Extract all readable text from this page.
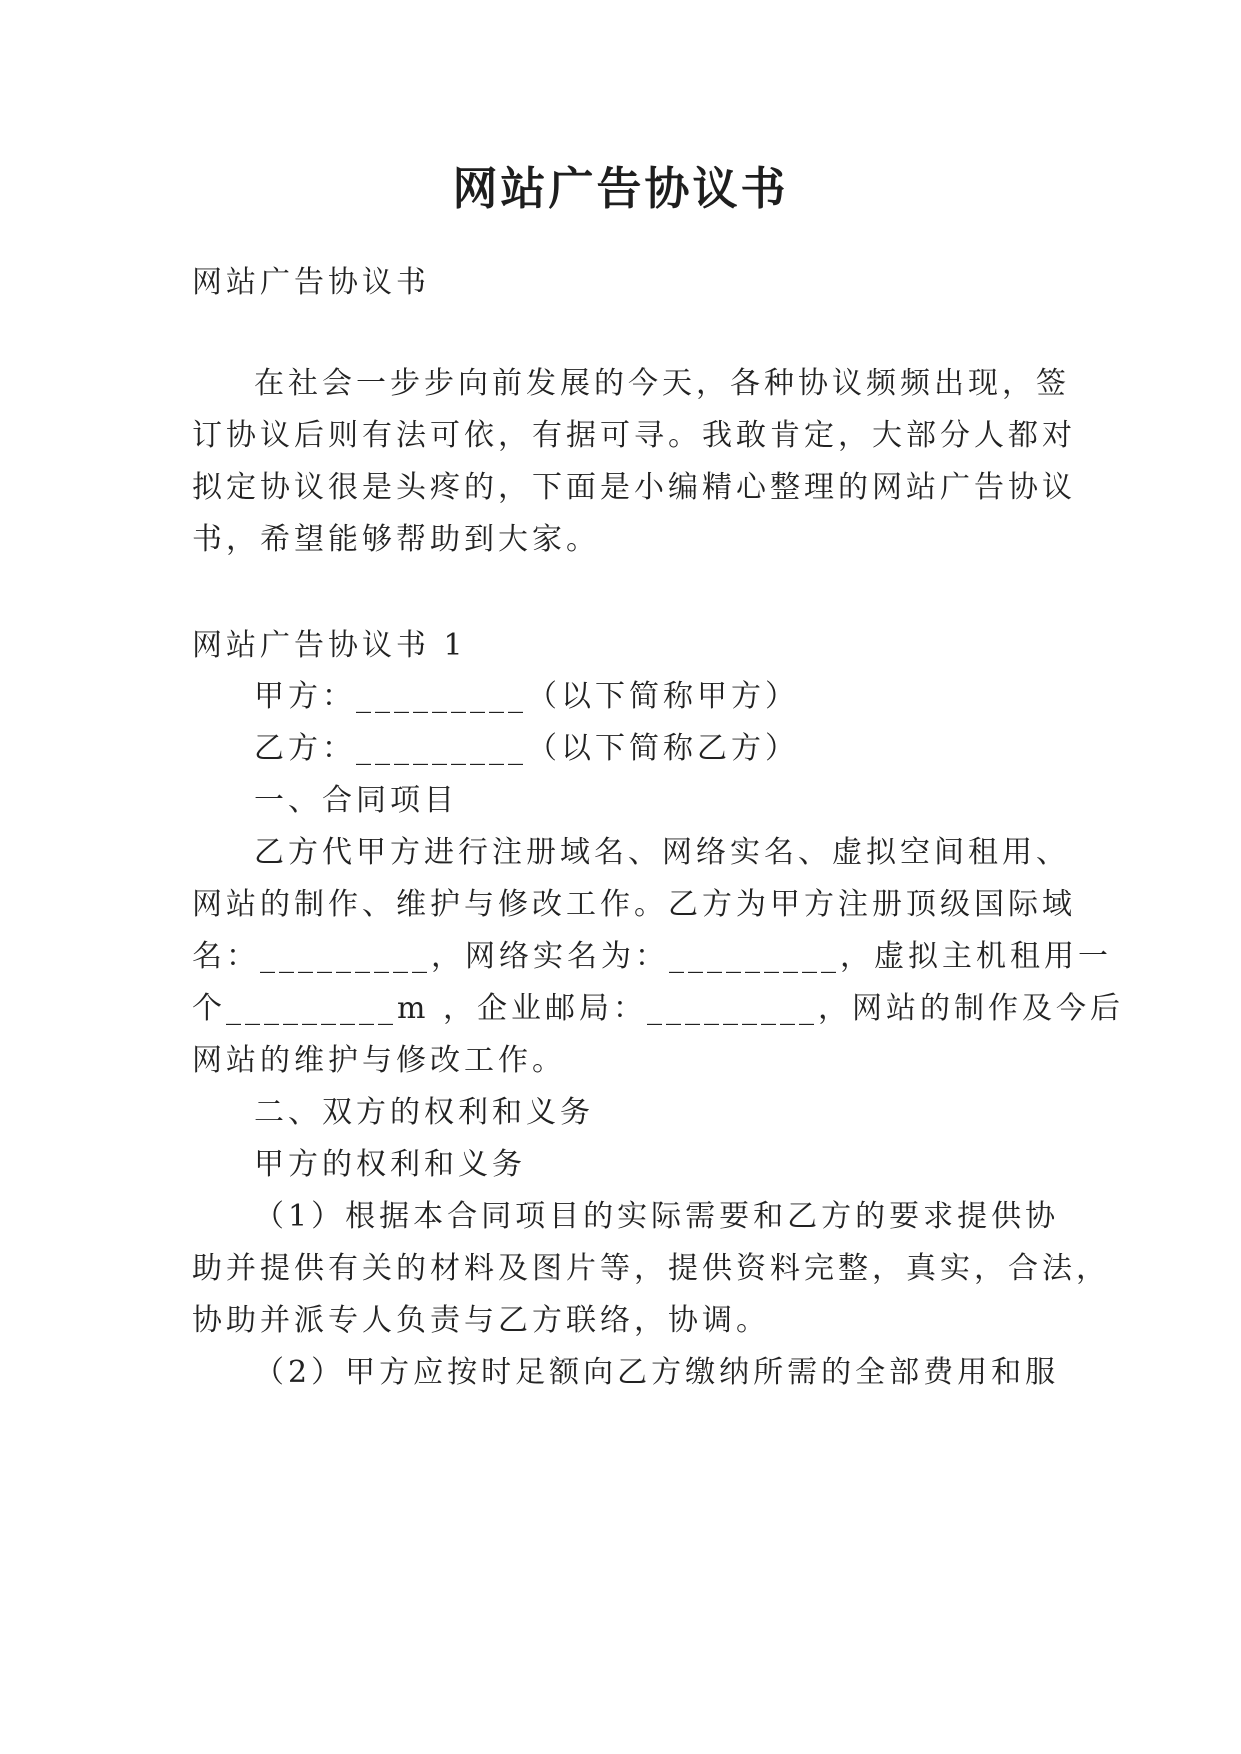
网站广告协议书
网站广告协议书
在社会一步步向前发展的今天，各种协议频频出现，签
订协议后则有法可依，有据可寻。我敢肯定，大部分人都对
拟定协议很是头疼的，下面是小编精心整理的网站广告协议
书，希望能够帮助到大家。
网站广告协议书 1
甲方：_________（以下简称甲方）
乙方：_________（以下简称乙方）
一、合同项目
乙方代甲方进行注册域名、网络实名、虚拟空间租用、
网站的制作、维护与修改工作。乙方为甲方注册顶级国际域
名：_________，网络实名为：_________，虚拟主机租用一
个_________m ，企业邮局：_________，网站的制作及今后
网站的维护与修改工作。
二、双方的权利和义务
甲方的权利和义务
（1）根据本合同项目的实际需要和乙方的要求提供协
助并提供有关的材料及图片等，提供资料完整，真实，合法，
协助并派专人负责与乙方联络，协调。
（2）甲方应按时足额向乙方缴纳所需的全部费用和服
